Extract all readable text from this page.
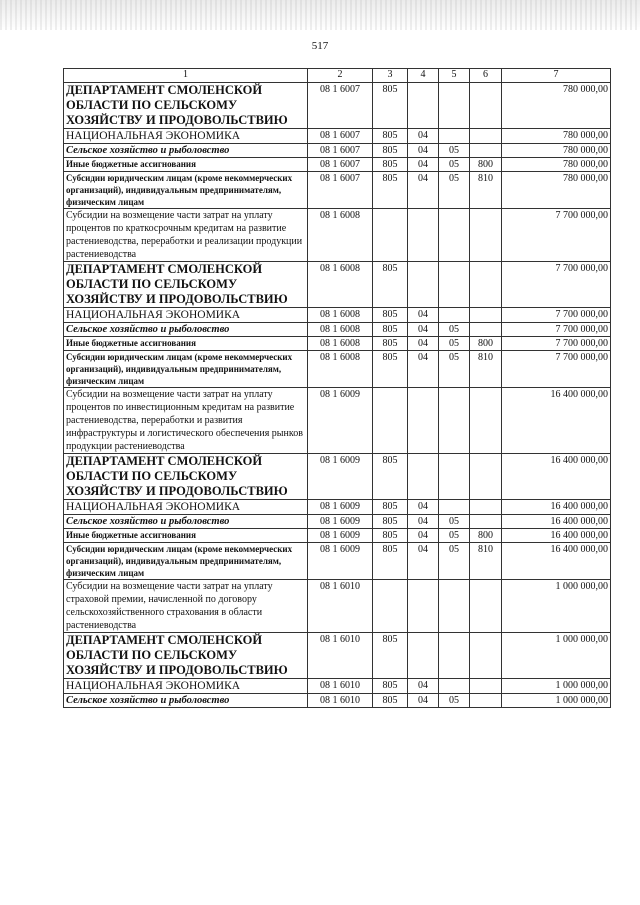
517
1	2	3	4	5	6	7
ДЕПАРТАМЕНТ СМОЛЕНСКОЙ ОБЛАСТИ ПО СЕЛЬСКОМУ ХОЗЯЙСТВУ И ПРОДОВОЛЬСТВИЮ	08 1 6007	805				780 000,00
НАЦИОНАЛЬНАЯ ЭКОНОМИКА	08 1 6007	805	04			780 000,00
Сельское хозяйство и рыболовство	08 1 6007	805	04	05		780 000,00
Иные бюджетные ассигнования	08 1 6007	805	04	05	800	780 000,00
Субсидии юридическим лицам (кроме некоммерческих организаций), индивидуальным предпринимателям, физическим лицам	08 1 6007	805	04	05	810	780 000,00
Субсидии на возмещение части затрат на уплату процентов по краткосрочным кредитам на развитие растениеводства, переработки и реализации продукции растениеводства	08 1 6008					7 700 000,00
ДЕПАРТАМЕНТ СМОЛЕНСКОЙ ОБЛАСТИ ПО СЕЛЬСКОМУ ХОЗЯЙСТВУ И ПРОДОВОЛЬСТВИЮ	08 1 6008	805				7 700 000,00
НАЦИОНАЛЬНАЯ ЭКОНОМИКА	08 1 6008	805	04			7 700 000,00
Сельское хозяйство и рыболовство	08 1 6008	805	04	05		7 700 000,00
Иные бюджетные ассигнования	08 1 6008	805	04	05	800	7 700 000,00
Субсидии юридическим лицам (кроме некоммерческих организаций), индивидуальным предпринимателям, физическим лицам	08 1 6008	805	04	05	810	7 700 000,00
Субсидии на возмещение части затрат на уплату процентов по инвестиционным кредитам на развитие растениеводства, переработки и развития инфраструктуры и логистического обеспечения рынков продукции растениеводства	08 1 6009					16 400 000,00
ДЕПАРТАМЕНТ СМОЛЕНСКОЙ ОБЛАСТИ ПО СЕЛЬСКОМУ ХОЗЯЙСТВУ И ПРОДОВОЛЬСТВИЮ	08 1 6009	805				16 400 000,00
НАЦИОНАЛЬНАЯ ЭКОНОМИКА	08 1 6009	805	04			16 400 000,00
Сельское хозяйство и рыболовство	08 1 6009	805	04	05		16 400 000,00
Иные бюджетные ассигнования	08 1 6009	805	04	05	800	16 400 000,00
Субсидии юридическим лицам (кроме некоммерческих организаций), индивидуальным предпринимателям, физическим лицам	08 1 6009	805	04	05	810	16 400 000,00
Субсидии на возмещение части затрат на уплату страховой премии, начисленной по договору сельскохозяйственного страхования в области растениеводства	08 1 6010					1 000 000,00
ДЕПАРТАМЕНТ СМОЛЕНСКОЙ ОБЛАСТИ ПО СЕЛЬСКОМУ ХОЗЯЙСТВУ И ПРОДОВОЛЬСТВИЮ	08 1 6010	805				1 000 000,00
НАЦИОНАЛЬНАЯ ЭКОНОМИКА	08 1 6010	805	04			1 000 000,00
Сельское хозяйство и рыболовство	08 1 6010	805	04	05		1 000 000,00
